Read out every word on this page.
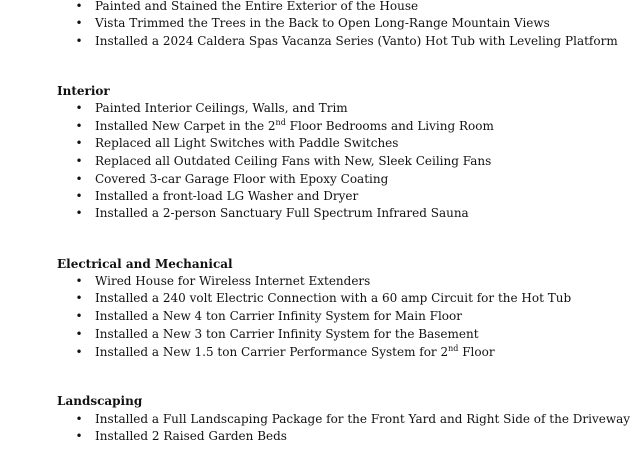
• Painted and Stained the Entire Exterior of the House
• Vista Trimmed the Trees in the Back to Open Long-Range Mountain Views
• Installed a 2024 Caldera Spas Vacanza Series (Vanto) Hot Tub with Leveling Platform
Interior
• Painted Interior Ceilings, Walls, and Trim
• Installed New Carpet in the 2nd Floor Bedrooms and Living Room
• Replaced all Light Switches with Paddle Switches
• Replaced all Outdated Ceiling Fans with New, Sleek Ceiling Fans
• Covered 3-car Garage Floor with Epoxy Coating
• Installed a front-load LG Washer and Dryer
• Installed a 2-person Sanctuary Full Spectrum Infrared Sauna
Electrical and Mechanical
• Wired House for Wireless Internet Extenders
• Installed a 240 volt Electric Connection with a 60 amp Circuit for the Hot Tub
• Installed a New 4 ton Carrier Infinity System for Main Floor
• Installed a New 3 ton Carrier Infinity System for the Basement
• Installed a New 1.5 ton Carrier Performance System for 2nd Floor
Landscaping
• Installed a Full Landscaping Package for the Front Yard and Right Side of the Driveway
• Installed 2 Raised Garden Beds
